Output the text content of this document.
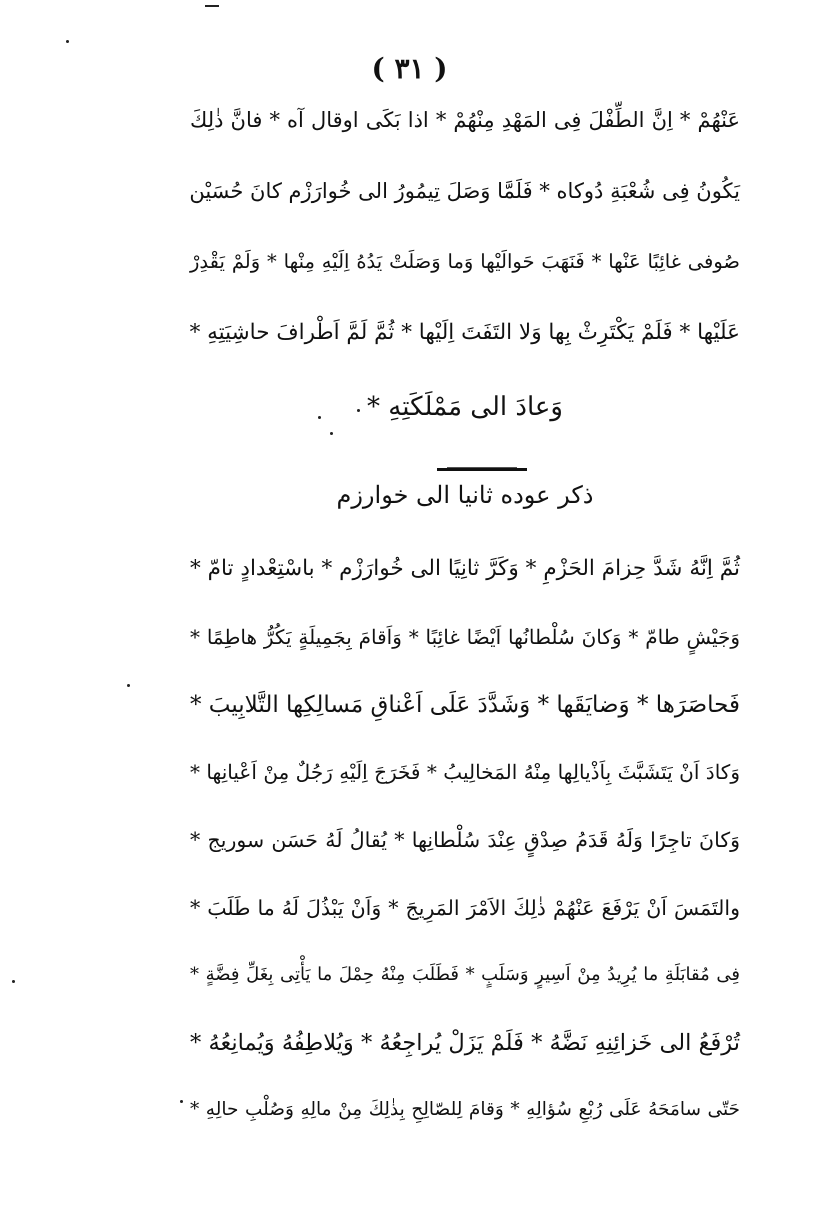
( ٣١ )
عَنْهُمْ * اِنَّ الطِّفْلَ فِى المَهْدِ مِنْهُمْ * اذا بَكَى اوقال آه * فانَّ ذٰلِكَ
يَكُونُ فِى شُعْبَةِ دُوكاه * فَلَمَّا وَصَلَ تِيمُورُ الى خُوارَزْم كانَ حُسَيْن
صُوفى غائِبًا عَنْها * فَنَهَبَ حَوالَيْها وَما وَصَلَتْ يَدُهُ اِلَيْهِ مِنْها * وَلَمْ يَقْدِرْ
عَلَيْها * فَلَمْ يَكْتَرِثْ بِها وَلا التَفَتَ اِلَيْها * ثُمَّ لَمَّ اَطْرافَ حاشِيَتِهِ *
وَعادَ الى مَمْلَكَتِهِ *
ذكر عوده ثانيا الى خوارزم
ثُمَّ اِنَّهُ شَدَّ حِزامَ الحَزْمِ * وَكَرَّ ثانِيًا الى خُوارَزْم * باسْتِعْدادٍ تامّ *
وَجَيْشٍ طامّ * وَكانَ سُلْطانُها اَيْضًا غائِبًا * وَاَقامَ بِجَمِيلَةٍ يَكُرُّ هاطِمًا *
فَحاصَرَها * وَضايَقَها * وَشَدَّدَ عَلَى اَعْناقِ مَسالِكِها التَّلابِيبَ *
وَكادَ اَنْ يَتَشَبَّثَ بِاَذْيالِها مِنْهُ المَخالِيبُ * فَخَرَجَ اِلَيْهِ رَجُلٌ مِنْ اَعْيانِها *
وَكانَ تاجِرًا وَلَهُ قَدَمُ صِدْقٍ عِنْدَ سُلْطانِها * يُقالُ لَهُ حَسَن سوريج *
والتَمَسَ اَنْ يَرْفَعَ عَنْهُمْ ذٰلِكَ الاَمْرَ المَرِيجَ * وَاَنْ يَبْذُلَ لَهُ ما طَلَبَ *
فِى مُقابَلَةِ ما يُرِيدُ مِنْ اَسِيرٍ وَسَلَبٍ * فَطَلَبَ مِنْهُ حِمْلَ ما يَأْتِى بِغَلِّ فِضَّةٍ *
تُرْفَعُ الى خَزائِنِهِ نَضَّهُ * فَلَمْ يَزَلْ يُراجِعُهُ * وَيُلاطِفُهُ وَيُمانِعُهُ *
حَتّى سامَحَهُ عَلَى رُبْعِ سُؤالِهِ * وَقامَ لِلصّالِحِ بِذٰلِكَ مِنْ مالِهِ وَصُلْبِ حالِهِ *
